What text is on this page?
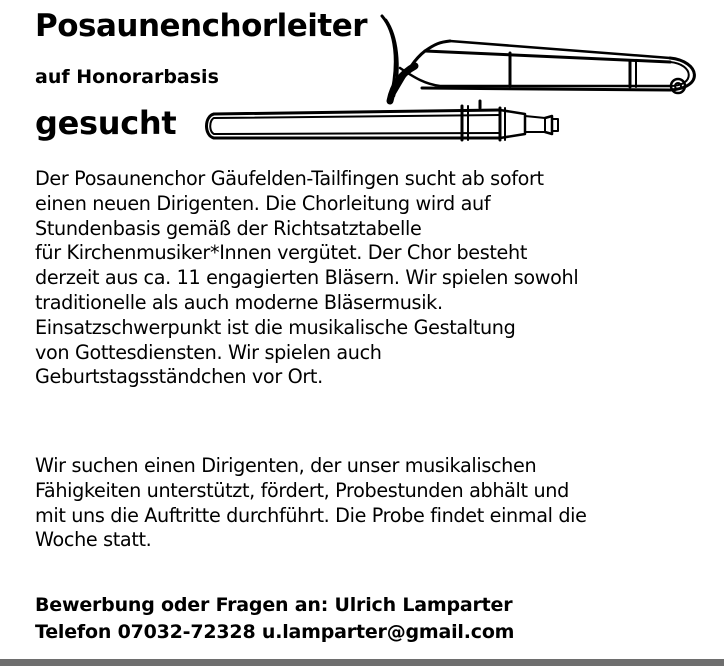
Posaunenchorleiter

auf Honorarbasis

gesucht

Der Posaunenchor Gäufelden-Tailfingen sucht ab sofort
einen neuen Dirigenten. Die Chorleitung wird auf
Stundenbasis gemäß der Richtsatztabelle
für Kirchenmusiker*Innen vergütet. Der Chor besteht
derzeit aus ca. 11 engagierten Bläsern. Wir spielen sowohl
traditionelle als auch moderne Bläsermusik.
Einsatzschwerpunkt ist die musikalische Gestaltung
von Gottesdiensten. Wir spielen auch
Geburtstagsständchen vor Ort.

Wir suchen einen Dirigenten, der unser musikalischen
Fähigkeiten unterstützt, fördert, Probestunden abhält und
mit uns die Auftritte durchführt. Die Probe findet einmal die
Woche statt.

Bewerbung oder Fragen an: Ulrich Lamparter
Telefon 07032-72328 u.lamparter@gmail.com
